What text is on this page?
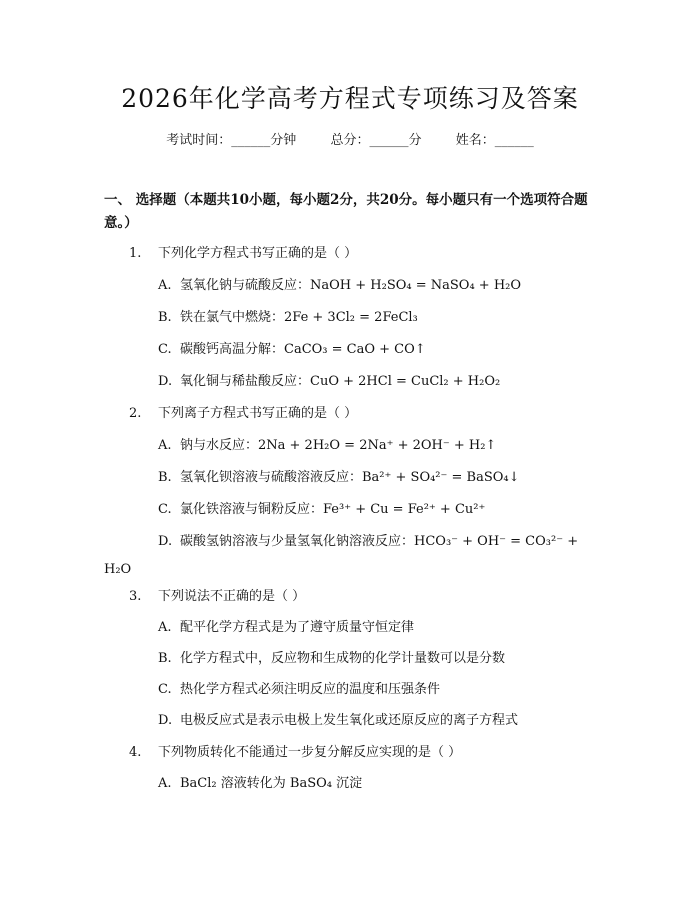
2026年化学高考方程式专项练习及答案
考试时间：______分钟	总分：______分	姓名：______
一、 选择题（本题共10小题，每小题2分，共20分。每小题只有一个选项符合题意。）
1. 下列化学方程式书写正确的是（ ）
A. 氢氧化钠与硫酸反应：NaOH + H₂SO₄ = NaSO₄ + H₂O
B. 铁在氯气中燃烧：2Fe + 3Cl₂ = 2FeCl₃
C. 碳酸钙高温分解：CaCO₃ = CaO + CO↑
D. 氧化铜与稀盐酸反应：CuO + 2HCl = CuCl₂ + H₂O₂
2. 下列离子方程式书写正确的是（ ）
A. 钠与水反应：2Na + 2H₂O = 2Na⁺ + 2OH⁻ + H₂↑
B. 氢氧化钡溶液与硫酸溶液反应：Ba²⁺ + SO₄²⁻ = BaSO₄↓
C. 氯化铁溶液与铜粉反应：Fe³⁺ + Cu = Fe²⁺ + Cu²⁺
D. 碳酸氢钠溶液与少量氢氧化钠溶液反应：HCO₃⁻ + OH⁻ = CO₃²⁻ + H₂O
3. 下列说法不正确的是（ ）
A. 配平化学方程式是为了遵守质量守恒定律
B. 化学方程式中，反应物和生成物的化学计量数可以是分数
C. 热化学方程式必须注明反应的温度和压强条件
D. 电极反应式是表示电极上发生氧化或还原反应的离子方程式
4. 下列物质转化不能通过一步复分解反应实现的是（ ）
A. BaCl₂ 溶液转化为 BaSO₄ 沉淀
